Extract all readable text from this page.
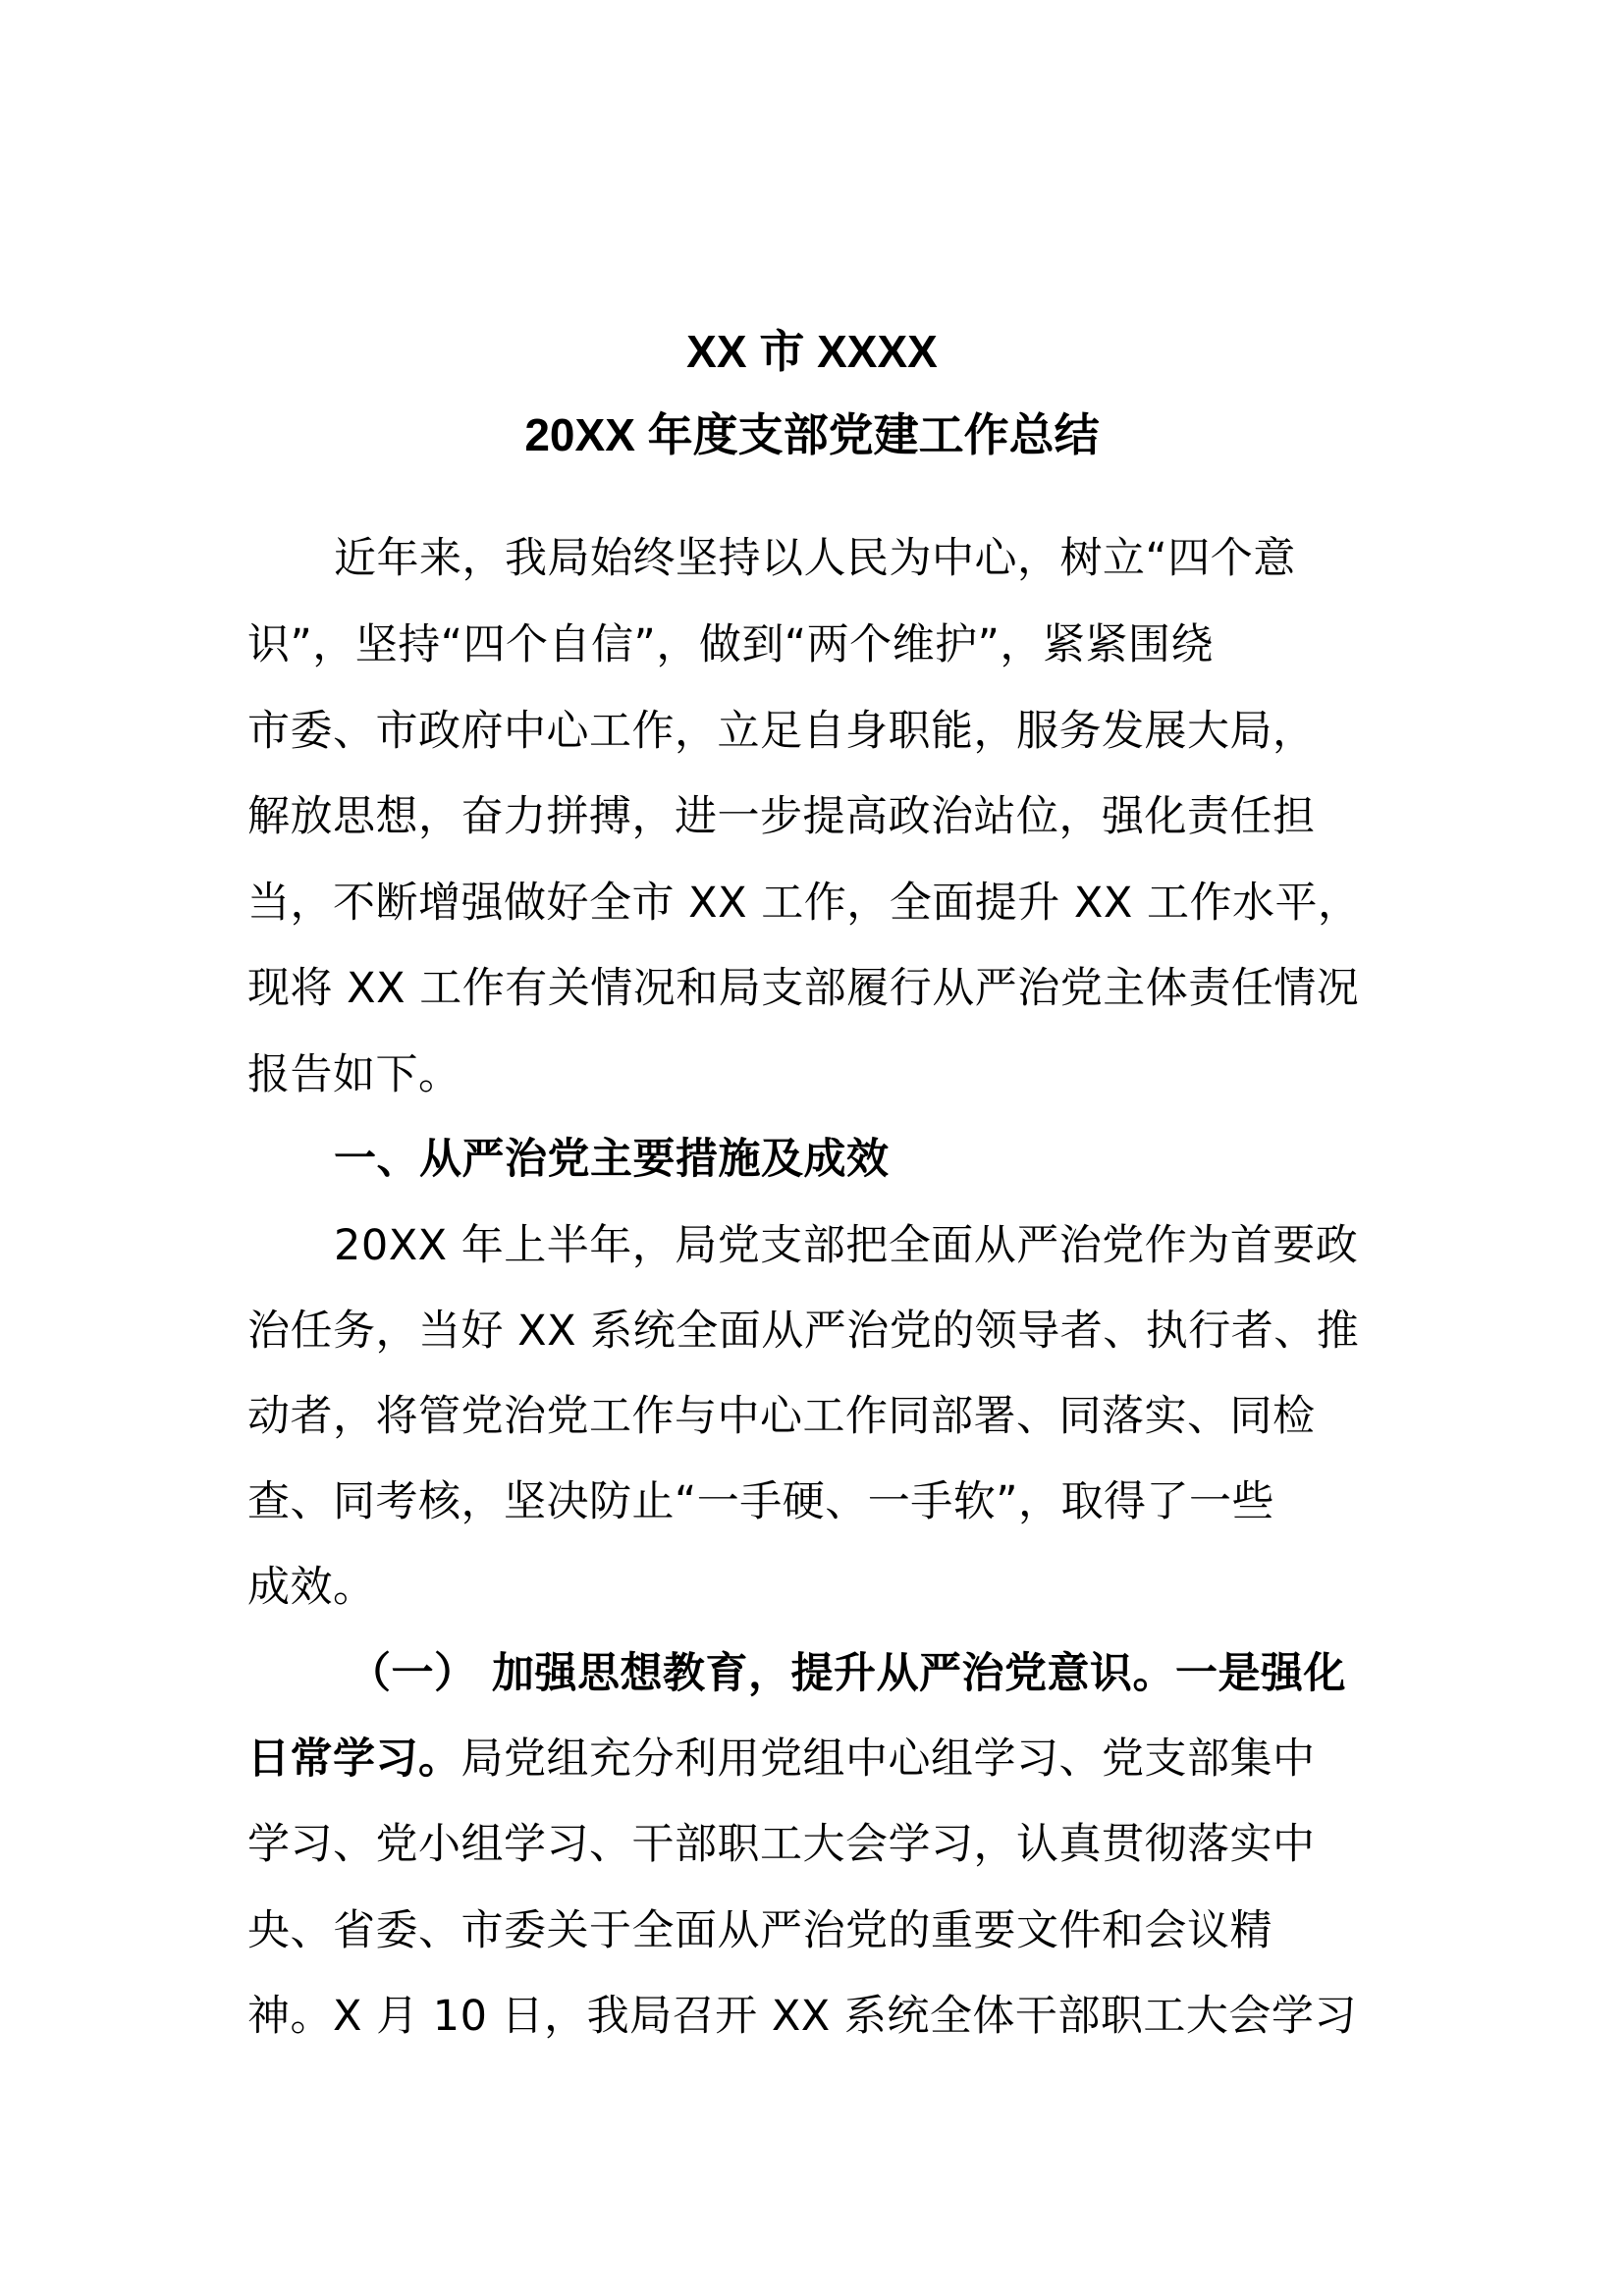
XX 市 XXXX
20XX 年度支部党建工作总结
近年来，我局始终坚持以人民为中心，树立“四个意
识”，坚持“四个自信”，做到“两个维护”，紧紧围绕
市委、市政府中心工作，立足自身职能，服务发展大局，
解放思想，奋力拼搏，进一步提高政治站位，强化责任担
当，不断增强做好全市 XX 工作，全面提升 XX 工作水平，
现将 XX 工作有关情况和局支部履行从严治党主体责任情况
报告如下。
一、从严治党主要措施及成效
20XX 年上半年，局党支部把全面从严治党作为首要政
治任务，当好 XX 系统全面从严治党的领导者、执行者、推
动者，将管党治党工作与中心工作同部署、同落实、同检
查、同考核，坚决防止“一手硬、一手软”，取得了一些
成效。
（一） 加强思想教育，提升从严治党意识。一是强化
日常学习。局党组充分利用党组中心组学习、党支部集中
学习、党小组学习、干部职工大会学习，认真贯彻落实中
央、省委、市委关于全面从严治党的重要文件和会议精
神。X 月 10 日，我局召开 XX 系统全体干部职工大会学习
